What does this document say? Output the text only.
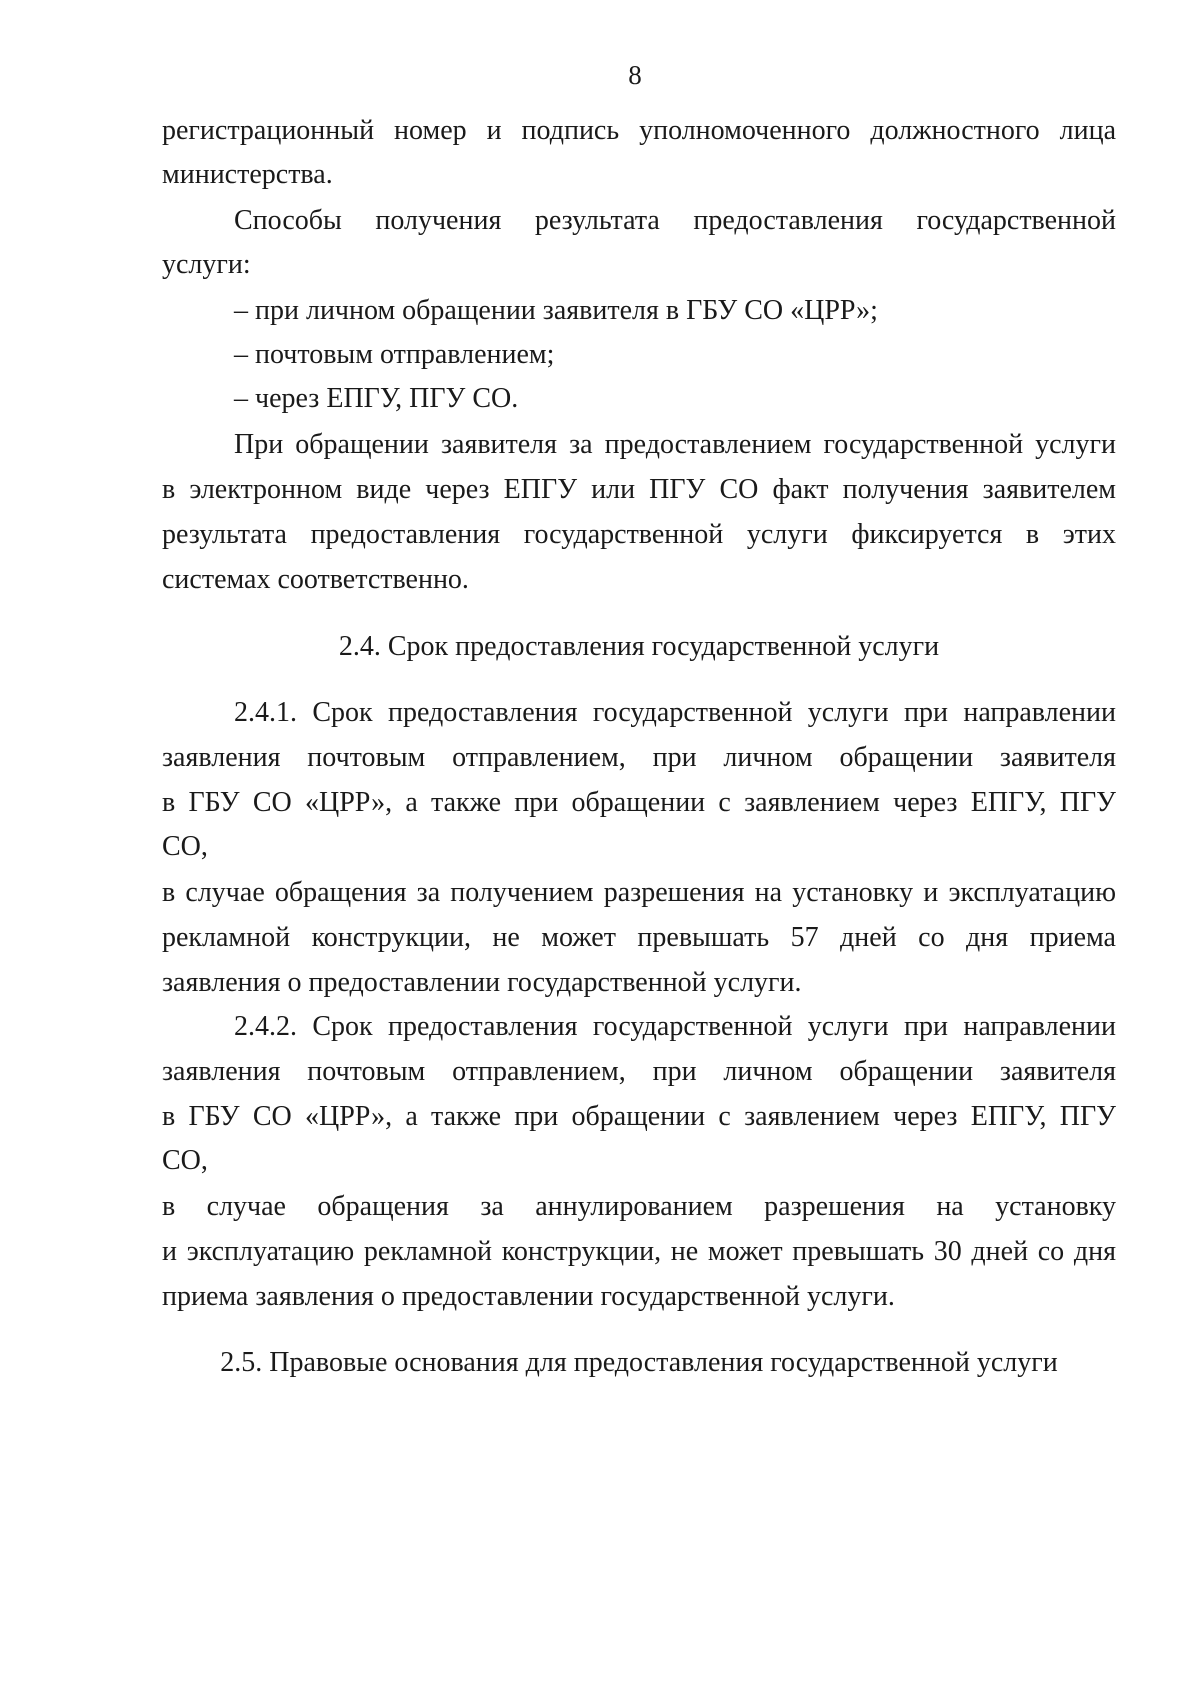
8
регистрационный номер и подпись уполномоченного должностного лица
министерства.
Способы получения результата предоставления государственной
услуги:
– при личном обращении заявителя в ГБУ СО «ЦРР»;
– почтовым отправлением;
– через ЕПГУ, ПГУ СО.
При обращении заявителя за предоставлением государственной услуги
в электронном виде через ЕПГУ или ПГУ СО факт получения заявителем
результата предоставления государственной услуги фиксируется в этих
системах соответственно.
2.4. Срок предоставления государственной услуги
2.4.1. Срок предоставления государственной услуги при направлении
заявления почтовым отправлением, при личном обращении заявителя
в ГБУ СО «ЦРР», а также при обращении с заявлением через ЕПГУ, ПГУ
СО,
в случае обращения за получением разрешения на установку и эксплуатацию
рекламной конструкции, не может превышать 57 дней со дня приема
заявления о предоставлении государственной услуги.
2.4.2. Срок предоставления государственной услуги при направлении
заявления почтовым отправлением, при личном обращении заявителя
в ГБУ СО «ЦРР», а также при обращении с заявлением через ЕПГУ, ПГУ
СО,
в случае обращения за аннулированием разрешения на установку
и эксплуатацию рекламной конструкции, не может превышать 30 дней со дня
приема заявления о предоставлении государственной услуги.
2.5. Правовые основания для предоставления государственной услуги
